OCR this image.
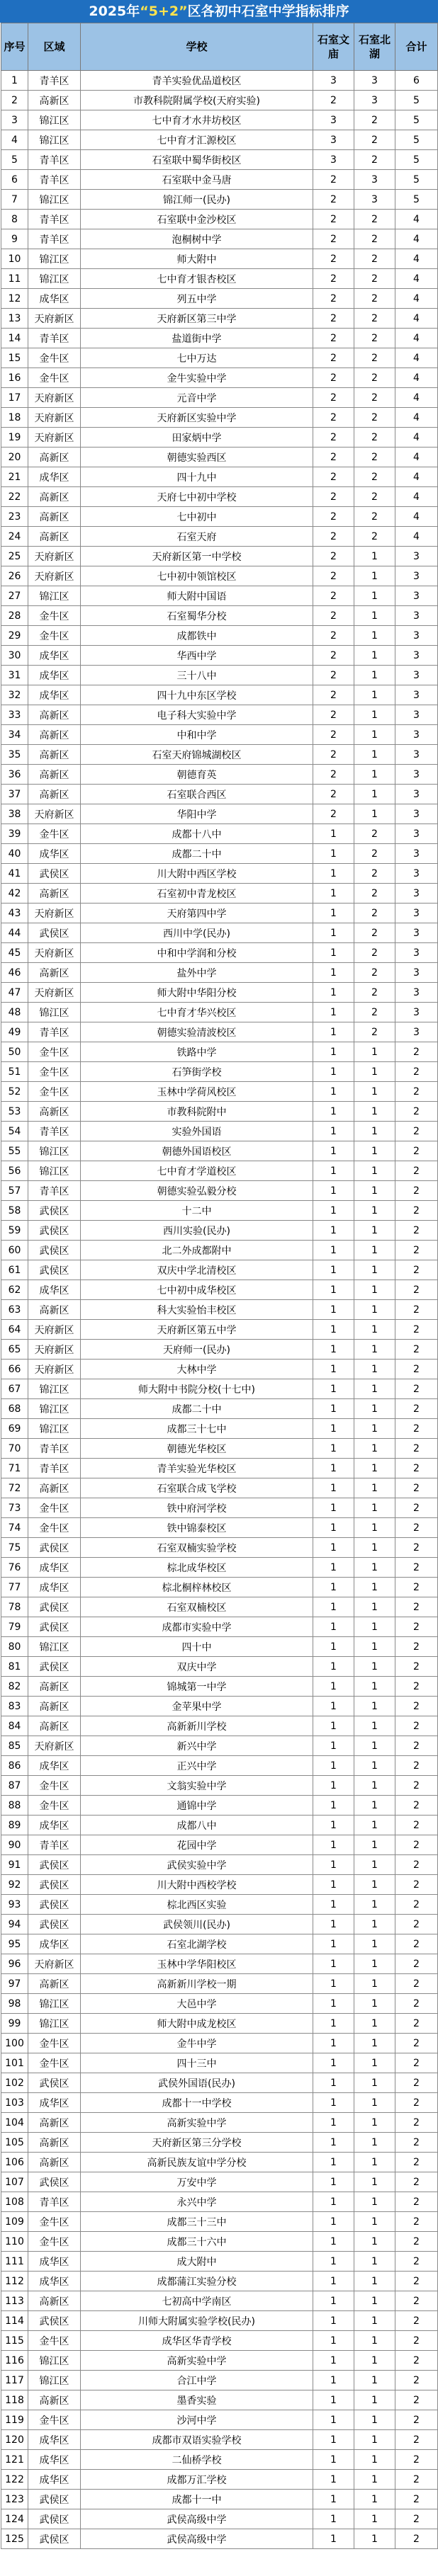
2025年“5+2”区各初中石室中学指标排序
序号	区域	学校	石室文庙	石室北湖	合计
1	青羊区	青羊实验优品道校区	3	3	6
2	高新区	市教科院附属学校(天府实验)	2	3	5
3	锦江区	七中育才水井坊校区	3	2	5
4	锦江区	七中育才汇源校区	3	2	5
5	青羊区	石室联中蜀华街校区	3	2	5
6	青羊区	石室联中金马唐	2	3	5
7	锦江区	锦江师一(民办)	2	3	5
8	青羊区	石室联中金沙校区	2	2	4
9	青羊区	泡桐树中学	2	2	4
10	锦江区	师大附中	2	2	4
11	锦江区	七中育才银杏校区	2	2	4
12	成华区	列五中学	2	2	4
13	天府新区	天府新区第三中学	2	2	4
14	青羊区	盐道街中学	2	2	4
15	金牛区	七中万达	2	2	4
16	金牛区	金牛实验中学	2	2	4
17	天府新区	元音中学	2	2	4
18	天府新区	天府新区实验中学	2	2	4
19	天府新区	田家炳中学	2	2	4
20	高新区	朝德实验西区	2	2	4
21	成华区	四十九中	2	2	4
22	高新区	天府七中初中学校	2	2	4
23	高新区	七中初中	2	2	4
24	高新区	石室天府	2	2	4
25	天府新区	天府新区第一中学校	2	1	3
26	天府新区	七中初中领馆校区	2	1	3
27	锦江区	师大附中国语	2	1	3
28	金牛区	石室蜀华分校	2	1	3
29	金牛区	成都铁中	2	1	3
30	成华区	华西中学	2	1	3
31	成华区	三十八中	2	1	3
32	成华区	四十九中东区学校	2	1	3
33	高新区	电子科大实验中学	2	1	3
34	高新区	中和中学	2	1	3
35	高新区	石室天府锦城湖校区	2	1	3
36	高新区	朝德育英	2	1	3
37	高新区	石室联合西区	2	1	3
38	天府新区	华阳中学	2	1	3
39	金牛区	成都十八中	1	2	3
40	成华区	成都二十中	1	2	3
41	武侯区	川大附中西区学校	1	2	3
42	高新区	石室初中青龙校区	1	2	3
43	天府新区	天府第四中学	1	2	3
44	武侯区	西川中学(民办)	1	2	3
45	天府新区	中和中学润和分校	1	2	3
46	高新区	盐外中学	1	2	3
47	天府新区	师大附中华阳分校	1	2	3
48	锦江区	七中育才华兴校区	1	2	3
49	青羊区	朝德实验清波校区	1	2	3
50	金牛区	铁路中学	1	1	2
51	金牛区	石笋街学校	1	1	2
52	金牛区	玉林中学荷风校区	1	1	2
53	高新区	市教科院附中	1	1	2
54	青羊区	实验外国语	1	1	2
55	锦江区	朝德外国语校区	1	1	2
56	锦江区	七中育才学道校区	1	1	2
57	青羊区	朝德实验弘毅分校	1	1	2
58	武侯区	十二中	1	1	2
59	武侯区	西川实验(民办)	1	1	2
60	武侯区	北二外成都附中	1	1	2
61	武侯区	双庆中学北清校区	1	1	2
62	成华区	七中初中成华校区	1	1	2
63	高新区	科大实验怡丰校区	1	1	2
64	天府新区	天府新区第五中学	1	1	2
65	天府新区	天府师一(民办)	1	1	2
66	天府新区	大林中学	1	1	2
67	锦江区	师大附中书院分校(十七中)	1	1	2
68	锦江区	成都二十中	1	1	2
69	锦江区	成都三十七中	1	1	2
70	青羊区	朝德光华校区	1	1	2
71	青羊区	青羊实验光华校区	1	1	2
72	高新区	石室联合成飞学校	1	1	2
73	金牛区	铁中府河学校	1	1	2
74	金牛区	铁中锦泰校区	1	1	2
75	武侯区	石室双楠实验学校	1	1	2
76	成华区	棕北成华校区	1	1	2
77	成华区	棕北桐梓林校区	1	1	2
78	武侯区	石室双楠校区	1	1	2
79	武侯区	成都市实验中学	1	1	2
80	锦江区	四十中	1	1	2
81	武侯区	双庆中学	1	1	2
82	高新区	锦城第一中学	1	1	2
83	高新区	金苹果中学	1	1	2
84	高新区	高新新川学校	1	1	2
85	天府新区	新兴中学	1	1	2
86	成华区	正兴中学	1	1	2
87	金牛区	文翁实验中学	1	1	2
88	金牛区	通锦中学	1	1	2
89	成华区	成都八中	1	1	2
90	青羊区	花园中学	1	1	2
91	武侯区	武侯实验中学	1	1	2
92	武侯区	川大附中西校学校	1	1	2
93	武侯区	棕北西区实验	1	1	2
94	武侯区	武侯领川(民办)	1	1	2
95	成华区	石室北湖学校	1	1	2
96	天府新区	玉林中学华阳校区	1	1	2
97	高新区	高新新川学校一期	1	1	2
98	锦江区	大邑中学	1	1	2
99	锦江区	师大附中成龙校区	1	1	2
100	金牛区	金牛中学	1	1	2
101	金牛区	四十三中	1	1	2
102	武侯区	武侯外国语(民办)	1	1	2
103	成华区	成都十一中学校	1	1	2
104	高新区	高新实验中学	1	1	2
105	高新区	天府新区第三分学校	1	1	2
106	高新区	高新民族友谊中学分校	1	1	2
107	武侯区	万安中学	1	1	2
108	青羊区	永兴中学	1	1	2
109	金牛区	成都三十三中	1	1	2
110	金牛区	成都三十六中	1	1	2
111	成华区	成大附中	1	1	2
112	成华区	成都蒲江实验分校	1	1	2
113	高新区	七初高中学南区	1	1	2
114	武侯区	川师大附属实验学校(民办)	1	1	2
115	金牛区	成华区华青学校	1	1	2
116	锦江区	高新实验中学	1	1	2
117	锦江区	合江中学	1	1	2
118	高新区	墨香实验	1	1	2
119	金牛区	沙河中学	1	1	2
120	成华区	成都市双语实验学校	1	1	2
121	成华区	二仙桥学校	1	1	2
122	成华区	成都万汇学校	1	1	2
123	武侯区	成都十一中	1	1	2
124	武侯区	武侯高级中学	1	1	2
125	武侯区	武侯高级中学	1	1	2
